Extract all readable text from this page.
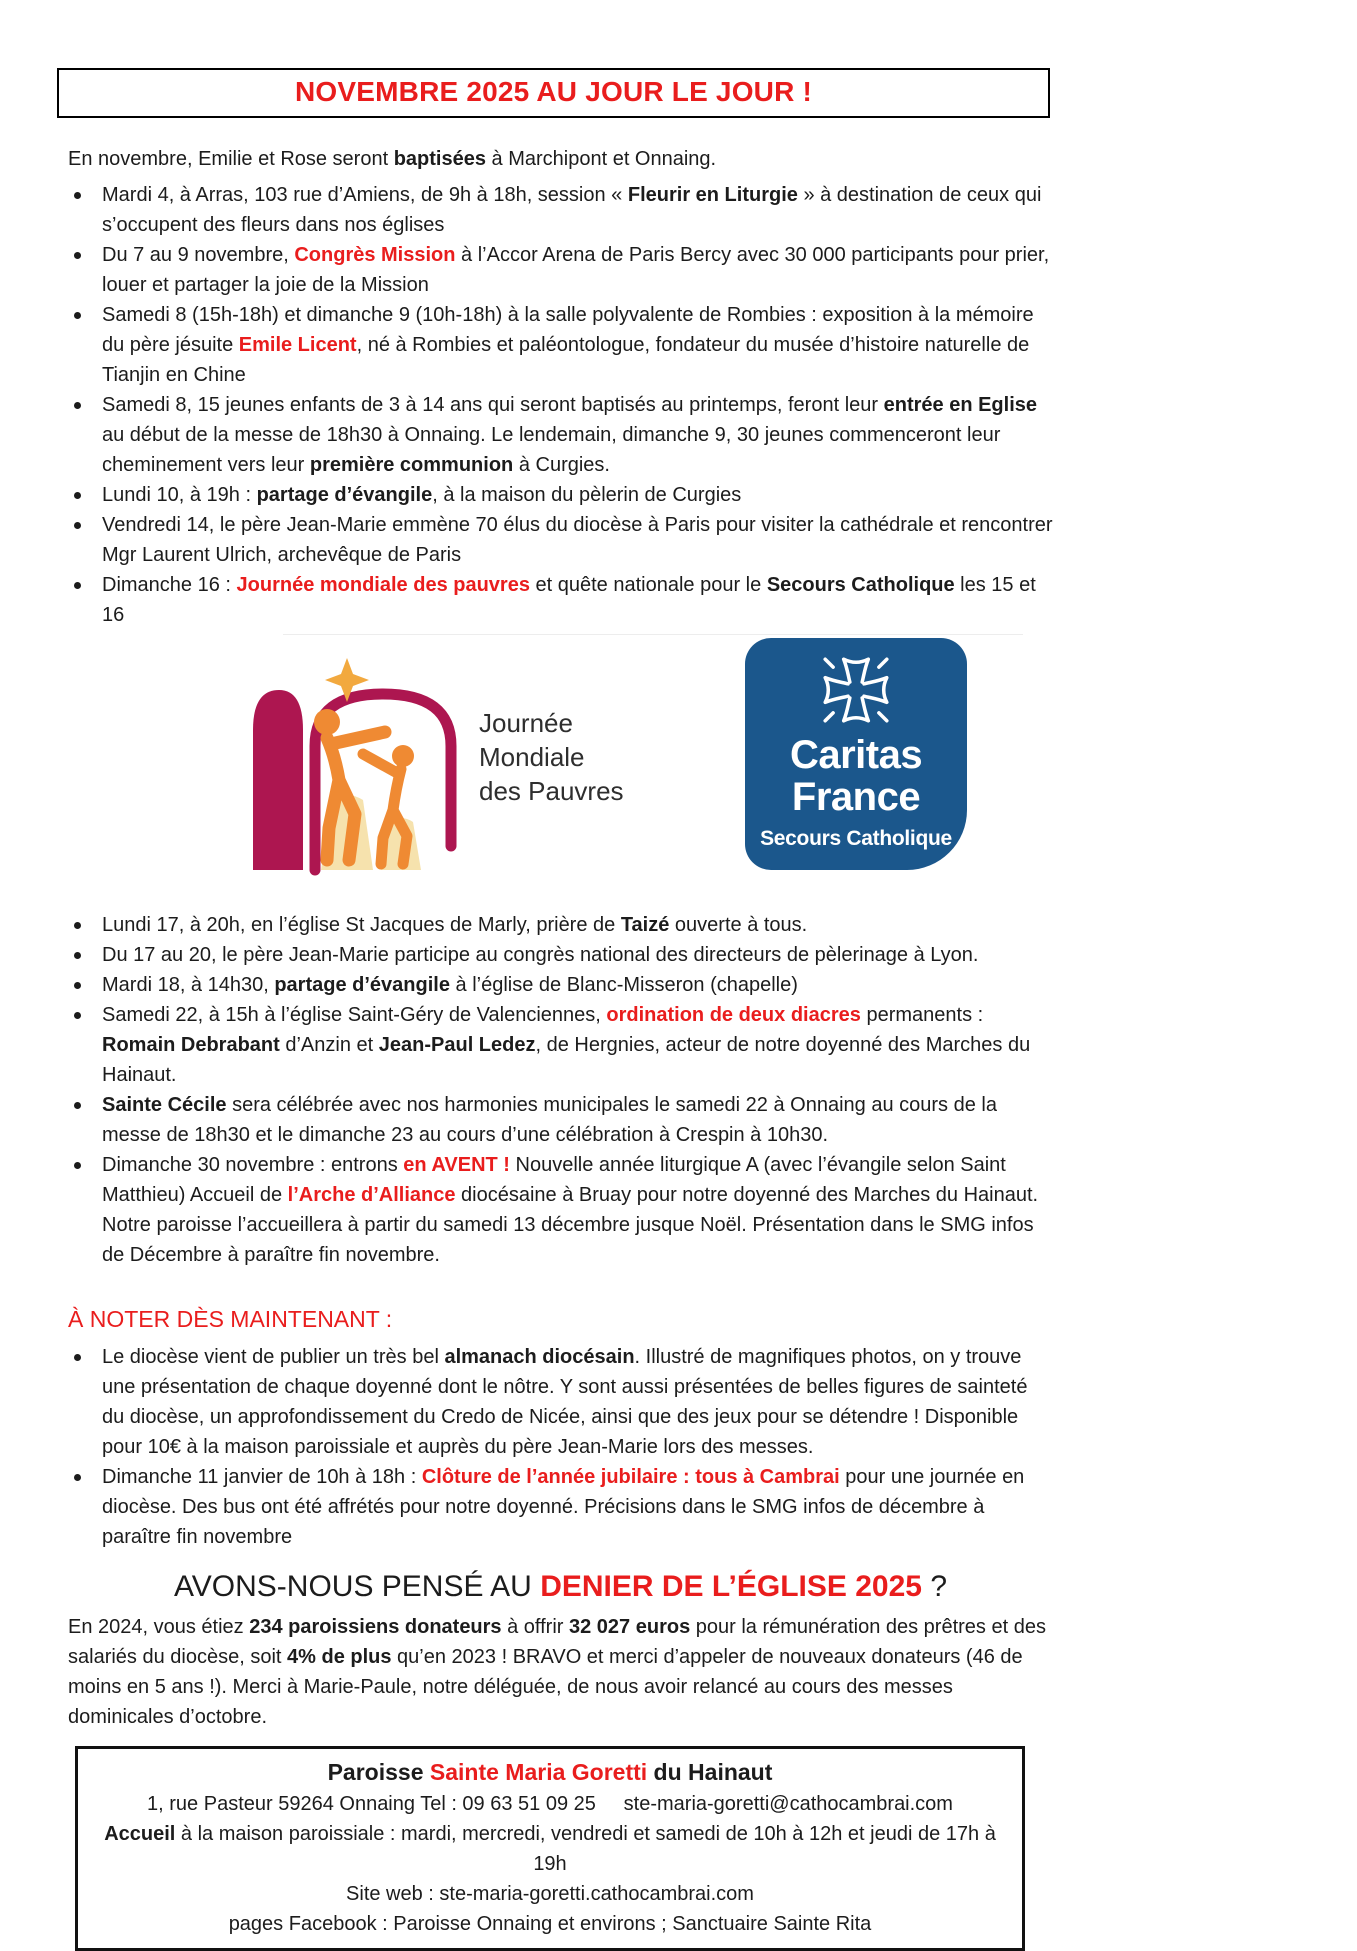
NOVEMBRE 2025 AU JOUR LE JOUR !

En novembre, Emilie et Rose seront baptisées à Marchipont et Onnaing.

Mardi 4, à Arras, 103 rue d’Amiens, de 9h à 18h, session « Fleurir en Liturgie » à destination de ceux qui s’occupent des fleurs dans nos églises
Du 7 au 9 novembre, Congrès Mission à l’Accor Arena de Paris Bercy avec 30 000 participants pour prier, louer et partager la joie de la Mission
Samedi 8 (15h-18h) et dimanche 9 (10h-18h) à la salle polyvalente de Rombies : exposition à la mémoire du père jésuite Emile Licent, né à Rombies et paléontologue, fondateur du musée d’histoire naturelle de Tianjin en Chine
Samedi 8, 15 jeunes enfants de 3 à 14 ans qui seront baptisés au printemps, feront leur entrée en Eglise au début de la messe de 18h30 à Onnaing. Le lendemain, dimanche 9, 30 jeunes commenceront leur cheminement vers leur première communion à Curgies.
Lundi 10, à 19h : partage d’évangile, à la maison du pèlerin de Curgies
Vendredi 14, le père Jean-Marie emmène 70 élus du diocèse à Paris pour visiter la cathédrale et rencontrer Mgr Laurent Ulrich, archevêque de Paris
Dimanche 16 : Journée mondiale des pauvres et quête nationale pour le Secours Catholique les 15 et 16
Journée
Mondiale
des Pauvres
Caritas
France
Secours Catholique
Lundi 17, à 20h, en l’église St Jacques de Marly, prière de Taizé ouverte à tous.
Du 17 au 20, le père Jean-Marie participe au congrès national des directeurs de pèlerinage à Lyon.
Mardi 18, à 14h30, partage d’évangile à l’église de Blanc-Misseron (chapelle)
Samedi 22, à 15h à l’église Saint-Géry de Valenciennes, ordination de deux diacres permanents : Romain Debrabant d’Anzin et Jean-Paul Ledez, de Hergnies, acteur de notre doyenné des Marches du Hainaut.
Sainte Cécile sera célébrée avec nos harmonies municipales le samedi 22 à Onnaing au cours de la messe de 18h30 et le dimanche 23 au cours d’une célébration à Crespin à 10h30.
Dimanche 30 novembre : entrons en AVENT ! Nouvelle année liturgique A (avec l’évangile selon Saint Matthieu) Accueil de l’Arche d’Alliance diocésaine à Bruay pour notre doyenné des Marches du Hainaut. Notre paroisse l’accueillera à partir du samedi 13 décembre jusque Noël. Présentation dans le SMG infos de Décembre à paraître fin novembre.
À NOTER DÈS MAINTENANT :
Le diocèse vient de publier un très bel almanach diocésain. Illustré de magnifiques photos, on y trouve une présentation de chaque doyenné dont le nôtre. Y sont aussi présentées de belles figures de sainteté du diocèse, un approfondissement du Credo de Nicée, ainsi que des jeux pour se détendre ! Disponible pour 10€ à la maison paroissiale et auprès du père Jean-Marie lors des messes.
Dimanche 11 janvier de 10h à 18h : Clôture de l’année jubilaire : tous à Cambrai pour une journée en diocèse. Des bus ont été affrétés pour notre doyenné. Précisions dans le SMG infos de décembre à paraître fin novembre
AVONS-NOUS PENSÉ AU DENIER DE L’ÉGLISE 2025 ?

En 2024, vous étiez 234 paroissiens donateurs à offrir 32 027 euros pour la rémunération des prêtres et des salariés du diocèse, soit 4% de plus qu’en 2023 ! BRAVO et merci d’appeler de nouveaux donateurs (46 de moins en 5 ans !). Merci à Marie-Paule, notre déléguée, de nous avoir relancé au cours des messes dominicales d’octobre.

Paroisse Sainte Maria Goretti du Hainaut
1, rue Pasteur 59264 Onnaing Tel : 09 63 51 09 25     ste-maria-goretti@cathocambrai.com
Accueil à la maison paroissiale : mardi, mercredi, vendredi et samedi de 10h à 12h et jeudi de 17h à 19h
Site web : ste-maria-goretti.cathocambrai.com
pages Facebook : Paroisse Onnaing et environs ; Sanctuaire Sainte Rita
